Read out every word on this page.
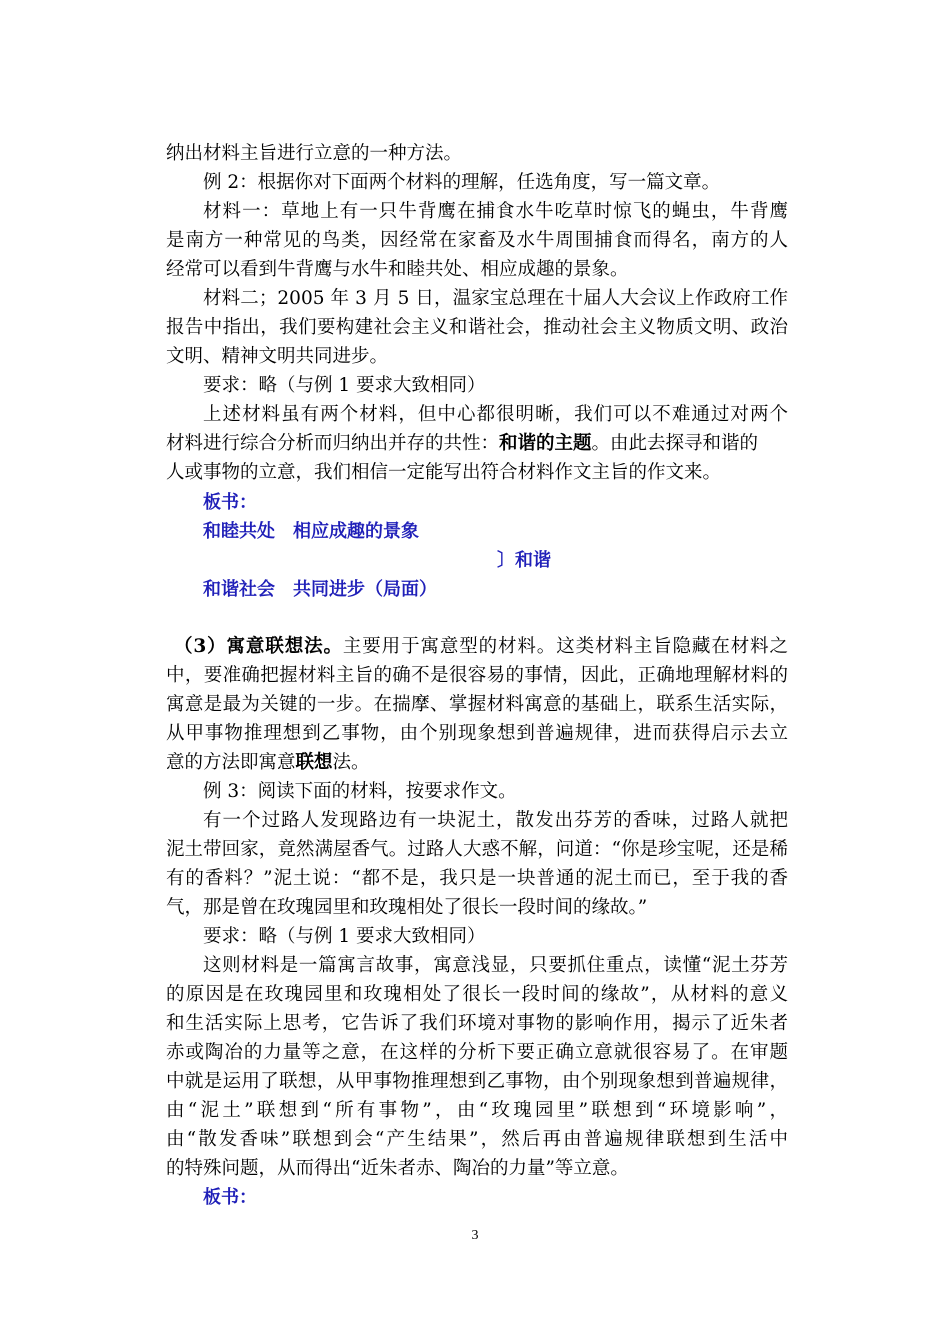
纳出材料主旨进行立意的一种方法。
例 2：根据你对下面两个材料的理解，任选角度，写一篇文章。
材料一：草地上有一只牛背鹰在捕食水牛吃草时惊飞的蝇虫，牛背鹰
是南方一种常见的鸟类，因经常在家畜及水牛周围捕食而得名，南方的人
经常可以看到牛背鹰与水牛和睦共处、相应成趣的景象。
材料二；2005 年 3 月 5 日，温家宝总理在十届人大会议上作政府工作
报告中指出，我们要构建社会主义和谐社会，推动社会主义物质文明、政治
文明、精神文明共同进步。
要求：略（与例 1 要求大致相同）
上述材料虽有两个材料，但中心都很明晰，我们可以不难通过对两个
材料进行综合分析而归纳出并存的共性：和谐的主题。由此去探寻和谐的
人或事物的立意，我们相信一定能写出符合材料作文主旨的作文来。
板书：
和睦共处　相应成趣的景象
〕和谐
和谐社会　共同进步（局面）
（3）寓意联想法。主要用于寓意型的材料。这类材料主旨隐藏在材料之
中，要准确把握材料主旨的确不是很容易的事情，因此，正确地理解材料的
寓意是最为关键的一步。在揣摩、掌握材料寓意的基础上，联系生活实际，
从甲事物推理想到乙事物，由个别现象想到普遍规律，进而获得启示去立
意的方法即寓意联想法。
例 3：阅读下面的材料，按要求作文。
有一个过路人发现路边有一块泥土，散发出芬芳的香味，过路人就把
泥土带回家，竟然满屋香气。过路人大惑不解，问道：“你是珍宝呢，还是稀
有的香料？”泥土说：“都不是，我只是一块普通的泥土而已，至于我的香
气，那是曾在玫瑰园里和玫瑰相处了很长一段时间的缘故。”
要求：略（与例 1 要求大致相同）
这则材料是一篇寓言故事，寓意浅显，只要抓住重点，读懂“泥土芬芳
的原因是在玫瑰园里和玫瑰相处了很长一段时间的缘故”，从材料的意义
和生活实际上思考，它告诉了我们环境对事物的影响作用，揭示了近朱者
赤或陶冶的力量等之意，在这样的分析下要正确立意就很容易了。在审题
中就是运用了联想，从甲事物推理想到乙事物，由个别现象想到普遍规律，
由“泥土”联想到“所有事物”，由“玫瑰园里”联想到“环境影响”，
由“散发香味”联想到会“产生结果”，然后再由普遍规律联想到生活中
的特殊问题，从而得出“近朱者赤、陶冶的力量”等立意。
板书：
3
